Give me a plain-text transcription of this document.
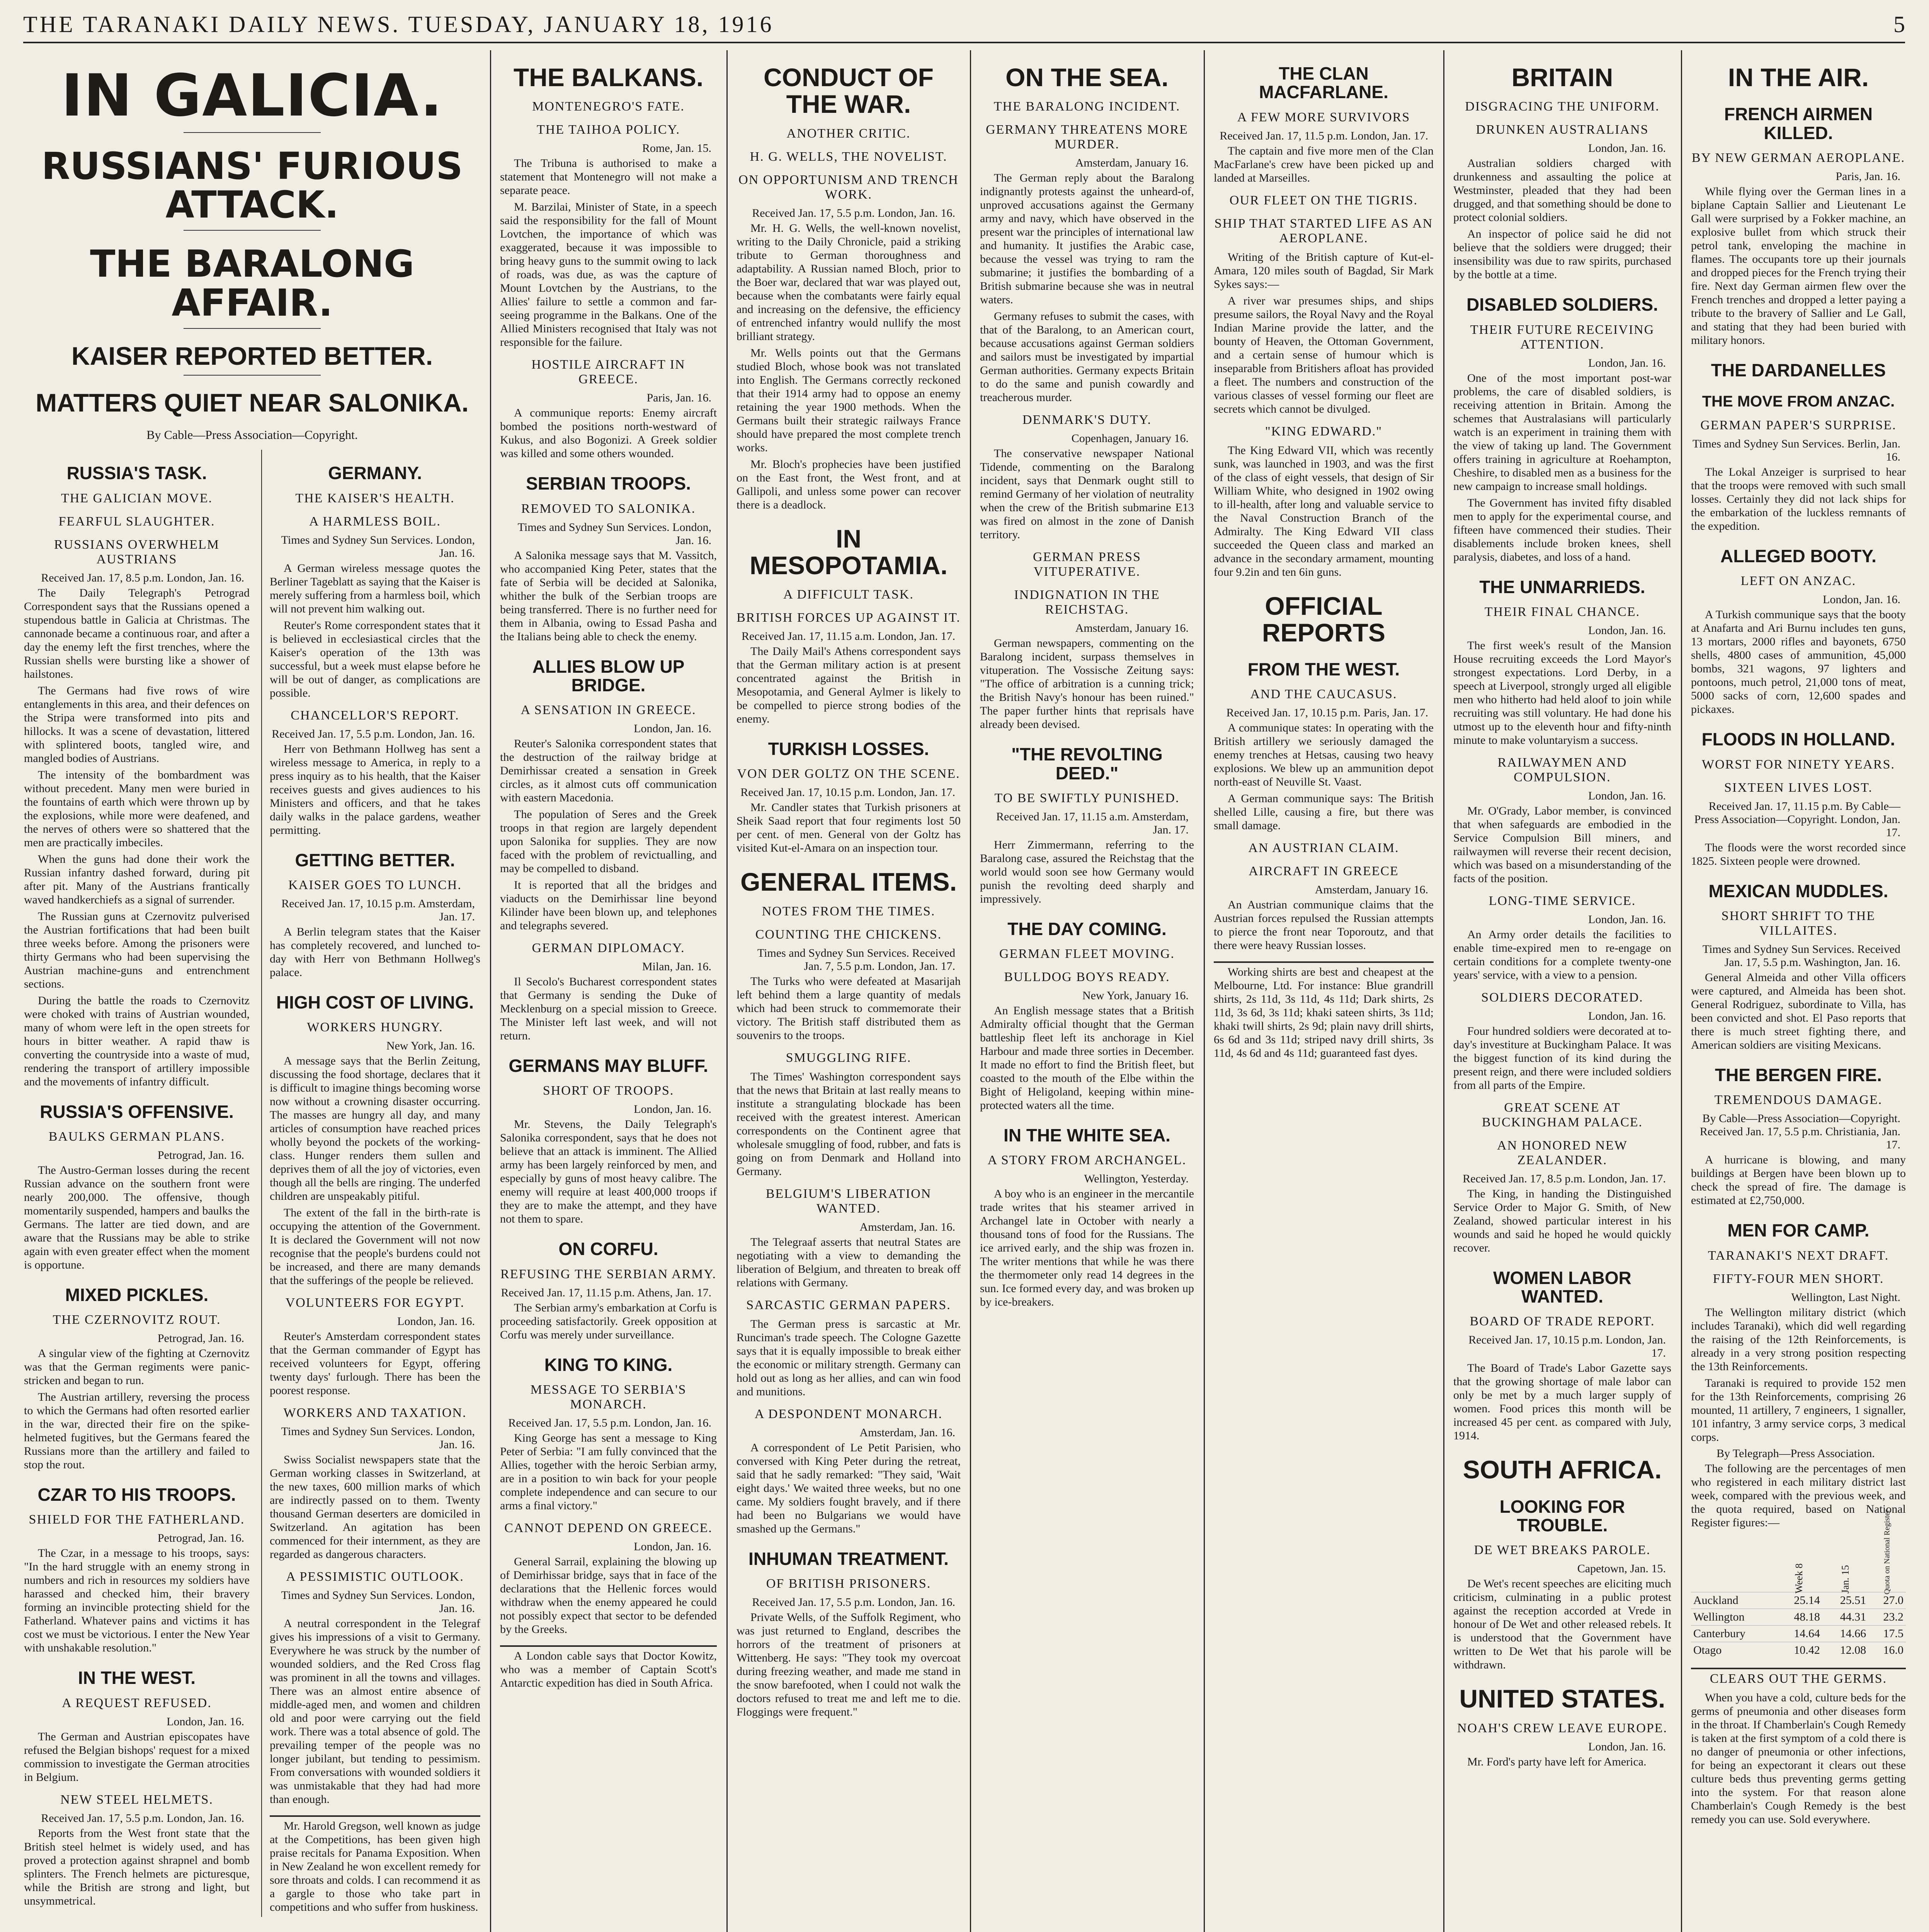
THE TARANAKI DAILY NEWS. TUESDAY, JANUARY 18, 1916	5
IN GALICIA.
RUSSIANS' FURIOUS ATTACK.
THE BARALONG AFFAIR.
KAISER REPORTED BETTER.
MATTERS QUIET NEAR SALONIKA.
By Cable—Press Association—Copyright.
RUSSIA'S TASK.
THE GALICIAN MOVE.
FEARFUL SLAUGHTER.
RUSSIANS OVERWHELM AUSTRIANS
Received Jan. 17, 8.5 p.m. London, Jan. 16.

The Daily Telegraph's Petrograd Correspondent says that the Russians opened a stupendous battle in Galicia at Christmas. The cannonade became a continuous roar, and after a day the enemy left the first trenches, where the Russian shells were bursting like a shower of hailstones.

The Germans had five rows of wire entanglements in this area, and their defences on the Stripa were transformed into pits and hillocks. It was a scene of devastation, littered with splintered boots, tangled wire, and mangled bodies of Austrians.

The intensity of the bombardment was without precedent. Many men were buried in the fountains of earth which were thrown up by the explosions, while more were deafened, and the nerves of others were so shattered that the men are practically imbeciles.

When the guns had done their work the Russian infantry dashed forward, during pit after pit. Many of the Austrians frantically waved handkerchiefs as a signal of surrender.

The Russian guns at Czernovitz pulverised the Austrian fortifications that had been built three weeks before. Among the prisoners were thirty Germans who had been supervising the Austrian machine-guns and entrenchment sections.

During the battle the roads to Czernovitz were choked with trains of Austrian wounded, many of whom were left in the open streets for hours in bitter weather. A rapid thaw is converting the countryside into a waste of mud, rendering the transport of artillery impossible and the movements of infantry difficult.

RUSSIA'S OFFENSIVE.
BAULKS GERMAN PLANS.
Petrograd, Jan. 16.

The Austro-German losses during the recent Russian advance on the southern front were nearly 200,000. The offensive, though momentarily suspended, hampers and baulks the Germans. The latter are tied down, and are aware that the Russians may be able to strike again with even greater effect when the moment is opportune.

MIXED PICKLES.
THE CZERNOVITZ ROUT.
Petrograd, Jan. 16.

A singular view of the fighting at Czernovitz was that the German regiments were panic-stricken and began to run.

The Austrian artillery, reversing the process to which the Germans had often resorted earlier in the war, directed their fire on the spike-helmeted fugitives, but the Germans feared the Russians more than the artillery and failed to stop the rout.

CZAR TO HIS TROOPS.
SHIELD FOR THE FATHERLAND.
Petrograd, Jan. 16.

The Czar, in a message to his troops, says: "In the hard struggle with an enemy strong in numbers and rich in resources my soldiers have harassed and checked him, their bravery forming an invincible protecting shield for the Fatherland. Whatever pains and victims it has cost we must be victorious. I enter the New Year with unshakable resolution."

IN THE WEST.
A REQUEST REFUSED.
London, Jan. 16.

The German and Austrian episcopates have refused the Belgian bishops' request for a mixed commission to investigate the German atrocities in Belgium.

NEW STEEL HELMETS.
Received Jan. 17, 5.5 p.m. London, Jan. 16.

Reports from the West front state that the British steel helmet is widely used, and has proved a protection against shrapnel and bomb splinters. The French helmets are picturesque, while the British are strong and light, but unsymmetrical.

GERMANY.
THE KAISER'S HEALTH.
A HARMLESS BOIL.
Times and Sydney Sun Services. London, Jan. 16.

A German wireless message quotes the Berliner Tageblatt as saying that the Kaiser is merely suffering from a harmless boil, which will not prevent him walking out.

Reuter's Rome correspondent states that it is believed in ecclesiastical circles that the Kaiser's operation of the 13th was successful, but a week must elapse before he will be out of danger, as complications are possible.

CHANCELLOR'S REPORT.
Received Jan. 17, 5.5 p.m. London, Jan. 16.

Herr von Bethmann Hollweg has sent a wireless message to America, in reply to a press inquiry as to his health, that the Kaiser receives guests and gives audiences to his Ministers and officers, and that he takes daily walks in the palace gardens, weather permitting.

GETTING BETTER.
KAISER GOES TO LUNCH.
Received Jan. 17, 10.15 p.m. Amsterdam, Jan. 17.

A Berlin telegram states that the Kaiser has completely recovered, and lunched to-day with Herr von Bethmann Hollweg's palace.

HIGH COST OF LIVING.
WORKERS HUNGRY.
New York, Jan. 16.

A message says that the Berlin Zeitung, discussing the food shortage, declares that it is difficult to imagine things becoming worse now without a crowning disaster occurring. The masses are hungry all day, and many articles of consumption have reached prices wholly beyond the pockets of the working-class. Hunger renders them sullen and deprives them of all the joy of victories, even though all the bells are ringing. The underfed children are unspeakably pitiful.

The extent of the fall in the birth-rate is occupying the attention of the Government. It is declared the Government will not now recognise that the people's burdens could not be increased, and there are many demands that the sufferings of the people be relieved.

VOLUNTEERS FOR EGYPT.
London, Jan. 16.

Reuter's Amsterdam correspondent states that the German commander of Egypt has received volunteers for Egypt, offering twenty days' furlough. There has been the poorest response.

WORKERS AND TAXATION.
Times and Sydney Sun Services. London, Jan. 16.

Swiss Socialist newspapers state that the German working classes in Switzerland, at the new taxes, 600 million marks of which are indirectly passed on to them. Twenty thousand German deserters are domiciled in Switzerland. An agitation has been commenced for their internment, as they are regarded as dangerous characters.

A PESSIMISTIC OUTLOOK.
Times and Sydney Sun Services. London, Jan. 16.

A neutral correspondent in the Telegraf gives his impressions of a visit to Germany. Everywhere he was struck by the number of wounded soldiers, and the Red Cross flag was prominent in all the towns and villages. There was an almost entire absence of middle-aged men, and women and children old and poor were carrying out the field work. There was a total absence of gold. The prevailing temper of the people was no longer jubilant, but tending to pessimism. From conversations with wounded soldiers it was unmistakable that they had had more than enough.

Mr. Harold Gregson, well known as judge at the Competitions, has been given high praise recitals for Panama Exposition. When in New Zealand he won excellent remedy for sore throats and colds. I can recommend it as a gargle to those who take part in competitions and who suffer from huskiness.

THE BALKANS.
MONTENEGRO'S FATE.
THE TAIHOA POLICY.
Rome, Jan. 15.

The Tribuna is authorised to make a statement that Montenegro will not make a separate peace.

M. Barzilai, Minister of State, in a speech said the responsibility for the fall of Mount Lovtchen, the importance of which was exaggerated, because it was impossible to bring heavy guns to the summit owing to lack of roads, was due, as was the capture of Mount Lovtchen by the Austrians, to the Allies' failure to settle a common and far-seeing programme in the Balkans. One of the Allied Ministers recognised that Italy was not responsible for the failure.

HOSTILE AIRCRAFT IN GREECE.
Paris, Jan. 16.

A communique reports: Enemy aircraft bombed the positions north-westward of Kukus, and also Bogonizi. A Greek soldier was killed and some others wounded.

SERBIAN TROOPS.
REMOVED TO SALONIKA.
Times and Sydney Sun Services. London, Jan. 16.

A Salonika message says that M. Vassitch, who accompanied King Peter, states that the fate of Serbia will be decided at Salonika, whither the bulk of the Serbian troops are being transferred. There is no further need for them in Albania, owing to Essad Pasha and the Italians being able to check the enemy.

ALLIES BLOW UP BRIDGE.
A SENSATION IN GREECE.
London, Jan. 16.

Reuter's Salonika correspondent states that the destruction of the railway bridge at Demirhissar created a sensation in Greek circles, as it almost cuts off communication with eastern Macedonia.

The population of Seres and the Greek troops in that region are largely dependent upon Salonika for supplies. They are now faced with the problem of revictualling, and may be compelled to disband.

It is reported that all the bridges and viaducts on the Demirhissar line beyond Kilinder have been blown up, and telephones and telegraphs severed.

GERMAN DIPLOMACY.
Milan, Jan. 16.

Il Secolo's Bucharest correspondent states that Germany is sending the Duke of Mecklenburg on a special mission to Greece. The Minister left last week, and will not return.

GERMANS MAY BLUFF.
SHORT OF TROOPS.
London, Jan. 16.

Mr. Stevens, the Daily Telegraph's Salonika correspondent, says that he does not believe that an attack is imminent. The Allied army has been largely reinforced by men, and especially by guns of most heavy calibre. The enemy will require at least 400,000 troops if they are to make the attempt, and they have not them to spare.

ON CORFU.
REFUSING THE SERBIAN ARMY.
Received Jan. 17, 11.15 p.m. Athens, Jan. 17.

The Serbian army's embarkation at Corfu is proceeding satisfactorily. Greek opposition at Corfu was merely under surveillance.

KING TO KING.
MESSAGE TO SERBIA'S MONARCH.
Received Jan. 17, 5.5 p.m. London, Jan. 16.

King George has sent a message to King Peter of Serbia: "I am fully convinced that the Allies, together with the heroic Serbian army, are in a position to win back for your people complete independence and can secure to our arms a final victory."

CANNOT DEPEND ON GREECE.
London, Jan. 16.

General Sarrail, explaining the blowing up of Demirhissar bridge, says that in face of the declarations that the Hellenic forces would withdraw when the enemy appeared he could not possibly expect that sector to be defended by the Greeks.

A London cable says that Doctor Kowitz, who was a member of Captain Scott's Antarctic expedition has died in South Africa.

CONDUCT OF THE WAR.
ANOTHER CRITIC.
H. G. WELLS, THE NOVELIST.
ON OPPORTUNISM AND TRENCH WORK.
Received Jan. 17, 5.5 p.m. London, Jan. 16.

Mr. H. G. Wells, the well-known novelist, writing to the Daily Chronicle, paid a striking tribute to German thoroughness and adaptability. A Russian named Bloch, prior to the Boer war, declared that war was played out, because when the combatants were fairly equal and increasing on the defensive, the efficiency of entrenched infantry would nullify the most brilliant strategy.

Mr. Wells points out that the Germans studied Bloch, whose book was not translated into English. The Germans correctly reckoned that their 1914 army had to oppose an enemy retaining the year 1900 methods. When the Germans built their strategic railways France should have prepared the most complete trench works.

Mr. Bloch's prophecies have been justified on the East front, the West front, and at Gallipoli, and unless some power can recover there is a deadlock.

IN MESOPOTAMIA.
A DIFFICULT TASK.
BRITISH FORCES UP AGAINST IT.
Received Jan. 17, 11.15 a.m. London, Jan. 17.

The Daily Mail's Athens correspondent says that the German military action is at present concentrated against the British in Mesopotamia, and General Aylmer is likely to be compelled to pierce strong bodies of the enemy.

TURKISH LOSSES.
VON DER GOLTZ ON THE SCENE.
Received Jan. 17, 10.15 p.m. London, Jan. 17.

Mr. Candler states that Turkish prisoners at Sheik Saad report that four regiments lost 50 per cent. of men. General von der Goltz has visited Kut-el-Amara on an inspection tour.

GENERAL ITEMS.
NOTES FROM THE TIMES.
COUNTING THE CHICKENS.
Times and Sydney Sun Services. Received Jan. 7, 5.5 p.m. London, Jan. 17.

The Turks who were defeated at Masarijah left behind them a large quantity of medals which had been struck to commemorate their victory. The British staff distributed them as souvenirs to the troops.

SMUGGLING RIFE.

The Times' Washington correspondent says that the news that Britain at last really means to institute a strangulating blockade has been received with the greatest interest. American correspondents on the Continent agree that wholesale smuggling of food, rubber, and fats is going on from Denmark and Holland into Germany.

BELGIUM'S LIBERATION WANTED.
Amsterdam, Jan. 16.

The Telegraaf asserts that neutral States are negotiating with a view to demanding the liberation of Belgium, and threaten to break off relations with Germany.

SARCASTIC GERMAN PAPERS.

The German press is sarcastic at Mr. Runciman's trade speech. The Cologne Gazette says that it is equally impossible to break either the economic or military strength. Germany can hold out as long as her allies, and can win food and munitions.

A DESPONDENT MONARCH.
Amsterdam, Jan. 16.

A correspondent of Le Petit Parisien, who conversed with King Peter during the retreat, said that he sadly remarked: "They said, 'Wait eight days.' We waited three weeks, but no one came. My soldiers fought bravely, and if there had been no Bulgarians we would have smashed up the Germans."

INHUMAN TREATMENT.
OF BRITISH PRISONERS.
Received Jan. 17, 5.5 p.m. London, Jan. 16.

Private Wells, of the Suffolk Regiment, who was just returned to England, describes the horrors of the treatment of prisoners at Wittenberg. He says: "They took my overcoat during freezing weather, and made me stand in the snow barefooted, when I could not walk the doctors refused to treat me and left me to die. Floggings were frequent."

ON THE SEA.
THE BARALONG INCIDENT.
GERMANY THREATENS MORE MURDER.
Amsterdam, January 16.

The German reply about the Baralong indignantly protests against the unheard-of, unproved accusations against the Germany army and navy, which have observed in the present war the principles of international law and humanity. It justifies the Arabic case, because the vessel was trying to ram the submarine; it justifies the bombarding of a British submarine because she was in neutral waters.

Germany refuses to submit the cases, with that of the Baralong, to an American court, because accusations against German soldiers and sailors must be investigated by impartial German authorities. Germany expects Britain to do the same and punish cowardly and treacherous murder.

DENMARK'S DUTY.
Copenhagen, January 16.

The conservative newspaper National Tidende, commenting on the Baralong incident, says that Denmark ought still to remind Germany of her violation of neutrality when the crew of the British submarine E13 was fired on almost in the zone of Danish territory.

GERMAN PRESS VITUPERATIVE.
INDIGNATION IN THE REICHSTAG.
Amsterdam, January 16.

German newspapers, commenting on the Baralong incident, surpass themselves in vituperation. The Vossische Zeitung says: "The office of arbitration is a cunning trick; the British Navy's honour has been ruined." The paper further hints that reprisals have already been devised.

"THE REVOLTING DEED."
TO BE SWIFTLY PUNISHED.
Received Jan. 17, 11.15 a.m. Amsterdam, Jan. 17.

Herr Zimmermann, referring to the Baralong case, assured the Reichstag that the world would soon see how Germany would punish the revolting deed sharply and impressively.

THE DAY COMING.
GERMAN FLEET MOVING.
BULLDOG BOYS READY.
New York, January 16.

An English message states that a British Admiralty official thought that the German battleship fleet left its anchorage in Kiel Harbour and made three sorties in December. It made no effort to find the British fleet, but coasted to the mouth of the Elbe within the Bight of Heligoland, keeping within mine-protected waters all the time.

IN THE WHITE SEA.
A STORY FROM ARCHANGEL.
Wellington, Yesterday.

A boy who is an engineer in the mercantile trade writes that his steamer arrived in Archangel late in October with nearly a thousand tons of food for the Russians. The ice arrived early, and the ship was frozen in. The writer mentions that while he was there the thermometer only read 14 degrees in the sun. Ice formed every day, and was broken up by ice-breakers.

THE CLAN MACFARLANE.
A FEW MORE SURVIVORS
Received Jan. 17, 11.5 p.m. London, Jan. 17.

The captain and five more men of the Clan MacFarlane's crew have been picked up and landed at Marseilles.

OUR FLEET ON THE TIGRIS.
SHIP THAT STARTED LIFE AS AN AEROPLANE.

Writing of the British capture of Kut-el-Amara, 120 miles south of Bagdad, Sir Mark Sykes says:—

A river war presumes ships, and ships presume sailors, the Royal Navy and the Royal Indian Marine provide the latter, and the bounty of Heaven, the Ottoman Government, and a certain sense of humour which is inseparable from Britishers afloat has provided a fleet. The numbers and construction of the various classes of vessel forming our fleet are secrets which cannot be divulged.

"KING EDWARD."

The King Edward VII, which was recently sunk, was launched in 1903, and was the first of the class of eight vessels, that design of Sir William White, who designed in 1902 owing to ill-health, after long and valuable service to the Naval Construction Branch of the Admiralty. The King Edward VII class succeeded the Queen class and marked an advance in the secondary armament, mounting four 9.2in and ten 6in guns.

OFFICIAL REPORTS
FROM THE WEST.
AND THE CAUCASUS.
Received Jan. 17, 10.15 p.m. Paris, Jan. 17.

A communique states: In operating with the British artillery we seriously damaged the enemy trenches at Hetsas, causing two heavy explosions. We blew up an ammunition depot north-east of Neuville St. Vaast.

A German communique says: The British shelled Lille, causing a fire, but there was small damage.

AN AUSTRIAN CLAIM.
AIRCRAFT IN GREECE
Amsterdam, January 16.

An Austrian communique claims that the Austrian forces repulsed the Russian attempts to pierce the front near Toporoutz, and that there were heavy Russian losses.

Working shirts are best and cheapest at the Melbourne, Ltd. For instance: Blue grandrill shirts, 2s 11d, 3s 11d, 4s 11d; Dark shirts, 2s 11d, 3s 6d, 3s 11d; khaki sateen shirts, 3s 11d; khaki twill shirts, 2s 9d; plain navy drill shirts, 6s 6d and 3s 11d; striped navy drill shirts, 3s 11d, 4s 6d and 4s 11d; guaranteed fast dyes.

BRITAIN
DISGRACING THE UNIFORM.
DRUNKEN AUSTRALIANS
London, Jan. 16.

Australian soldiers charged with drunkenness and assaulting the police at Westminster, pleaded that they had been drugged, and that something should be done to protect colonial soldiers.

An inspector of police said he did not believe that the soldiers were drugged; their insensibility was due to raw spirits, purchased by the bottle at a time.

DISABLED SOLDIERS.
THEIR FUTURE RECEIVING ATTENTION.
London, Jan. 16.

One of the most important post-war problems, the care of disabled soldiers, is receiving attention in Britain. Among the schemes that Australasians will particularly watch is an experiment in training them with the view of taking up land. The Government offers training in agriculture at Roehampton, Cheshire, to disabled men as a business for the new campaign to increase small holdings.

The Government has invited fifty disabled men to apply for the experimental course, and fifteen have commenced their studies. Their disablements include broken knees, shell paralysis, diabetes, and loss of a hand.

THE UNMARRIEDS.
THEIR FINAL CHANCE.
London, Jan. 16.

The first week's result of the Mansion House recruiting exceeds the Lord Mayor's strongest expectations. Lord Derby, in a speech at Liverpool, strongly urged all eligible men who hitherto had held aloof to join while recruiting was still voluntary. He had done his utmost up to the eleventh hour and fifty-ninth minute to make voluntaryism a success.

RAILWAYMEN AND COMPULSION.
London, Jan. 16.

Mr. O'Grady, Labor member, is convinced that when safeguards are embodied in the Service Compulsion Bill miners, and railwaymen will reverse their recent decision, which was based on a misunderstanding of the facts of the position.

LONG-TIME SERVICE.
London, Jan. 16.

An Army order details the facilities to enable time-expired men to re-engage on certain conditions for a complete twenty-one years' service, with a view to a pension.

SOLDIERS DECORATED.
London, Jan. 16.

Four hundred soldiers were decorated at to-day's investiture at Buckingham Palace. It was the biggest function of its kind during the present reign, and there were included soldiers from all parts of the Empire.

GREAT SCENE AT BUCKINGHAM PALACE.
AN HONORED NEW ZEALANDER.
Received Jan. 17, 8.5 p.m. London, Jan. 17.

The King, in handing the Distinguished Service Order to Major G. Smith, of New Zealand, showed particular interest in his wounds and said he hoped he would quickly recover.

WOMEN LABOR WANTED.
BOARD OF TRADE REPORT.
Received Jan. 17, 10.15 p.m. London, Jan. 17.

The Board of Trade's Labor Gazette says that the growing shortage of male labor can only be met by a much larger supply of women. Food prices this month will be increased 45 per cent. as compared with July, 1914.

SOUTH AFRICA.
LOOKING FOR TROUBLE.
DE WET BREAKS PAROLE.
Capetown, Jan. 15.

De Wet's recent speeches are eliciting much criticism, culminating in a public protest against the reception accorded at Vrede in honour of De Wet and other released rebels. It is understood that the Government have written to De Wet that his parole will be withdrawn.

UNITED STATES.
NOAH'S CREW LEAVE EUROPE.
London, Jan. 16.

Mr. Ford's party have left for America.

IN THE AIR.
FRENCH AIRMEN KILLED.
BY NEW GERMAN AEROPLANE.
Paris, Jan. 16.

While flying over the German lines in a biplane Captain Sallier and Lieutenant Le Gall were surprised by a Fokker machine, an explosive bullet from which struck their petrol tank, enveloping the machine in flames. The occupants tore up their journals and dropped pieces for the French trying their fire. Next day German airmen flew over the French trenches and dropped a letter paying a tribute to the bravery of Sallier and Le Gall, and stating that they had been buried with military honors.

THE DARDANELLES
THE MOVE FROM ANZAC.
GERMAN PAPER'S SURPRISE.
Times and Sydney Sun Services. Berlin, Jan. 16.

The Lokal Anzeiger is surprised to hear that the troops were removed with such small losses. Certainly they did not lack ships for the embarkation of the luckless remnants of the expedition.

ALLEGED BOOTY.
LEFT ON ANZAC.
London, Jan. 16.

A Turkish communique says that the booty at Anafarta and Ari Burnu includes ten guns, 13 mortars, 2000 rifles and bayonets, 6750 shells, 4800 cases of ammunition, 45,000 bombs, 321 wagons, 97 lighters and pontoons, much petrol, 21,000 tons of meat, 5000 sacks of corn, 12,600 spades and pickaxes.

FLOODS IN HOLLAND.
WORST FOR NINETY YEARS.
SIXTEEN LIVES LOST.
Received Jan. 17, 11.15 p.m. By Cable—Press Association—Copyright. London, Jan. 17.

The floods were the worst recorded since 1825. Sixteen people were drowned.

MEXICAN MUDDLES.
SHORT SHRIFT TO THE VILLAITES.
Times and Sydney Sun Services. Received Jan. 17, 5.5 p.m. Washington, Jan. 16.

General Almeida and other Villa officers were captured, and Almeida has been shot. General Rodriguez, subordinate to Villa, has been convicted and shot. El Paso reports that there is much street fighting there, and American soldiers are visiting Mexicans.

THE BERGEN FIRE.
TREMENDOUS DAMAGE.
By Cable—Press Association—Copyright. Received Jan. 17, 5.5 p.m. Christiania, Jan. 17.

A hurricane is blowing, and many buildings at Bergen have been blown up to check the spread of fire. The damage is estimated at £2,750,000.

MEN FOR CAMP.
TARANAKI'S NEXT DRAFT.
FIFTY-FOUR MEN SHORT.
Wellington, Last Night.

The Wellington military district (which includes Taranaki), which did well regarding the raising of the 12th Reinforcements, is already in a very strong position respecting the 13th Reinforcements.

Taranaki is required to provide 152 men for the 13th Reinforcements, comprising 26 mounted, 11 artillery, 7 engineers, 1 signaller, 101 infantry, 3 army service corps, 3 medical corps.

By Telegraph—Press Association.

The following are the percentages of men who registered in each military district last week, compared with the previous week, and the quota required, based on National Register figures:—

	Week 8	Jan. 15	Quota on National Register
Auckland	25.14	25.51	27.0
Wellington	48.18	44.31	23.2
Canterbury	14.64	14.66	17.5
Otago	10.42	12.08	16.0
CLEARS OUT THE GERMS.

When you have a cold, culture beds for the germs of pneumonia and other diseases form in the throat. If Chamberlain's Cough Remedy is taken at the first symptom of a cold there is no danger of pneumonia or other infections, for being an expectorant it clears out these culture beds thus preventing germs getting into the system. For that reason alone Chamberlain's Cough Remedy is the best remedy you can use. Sold everywhere.
